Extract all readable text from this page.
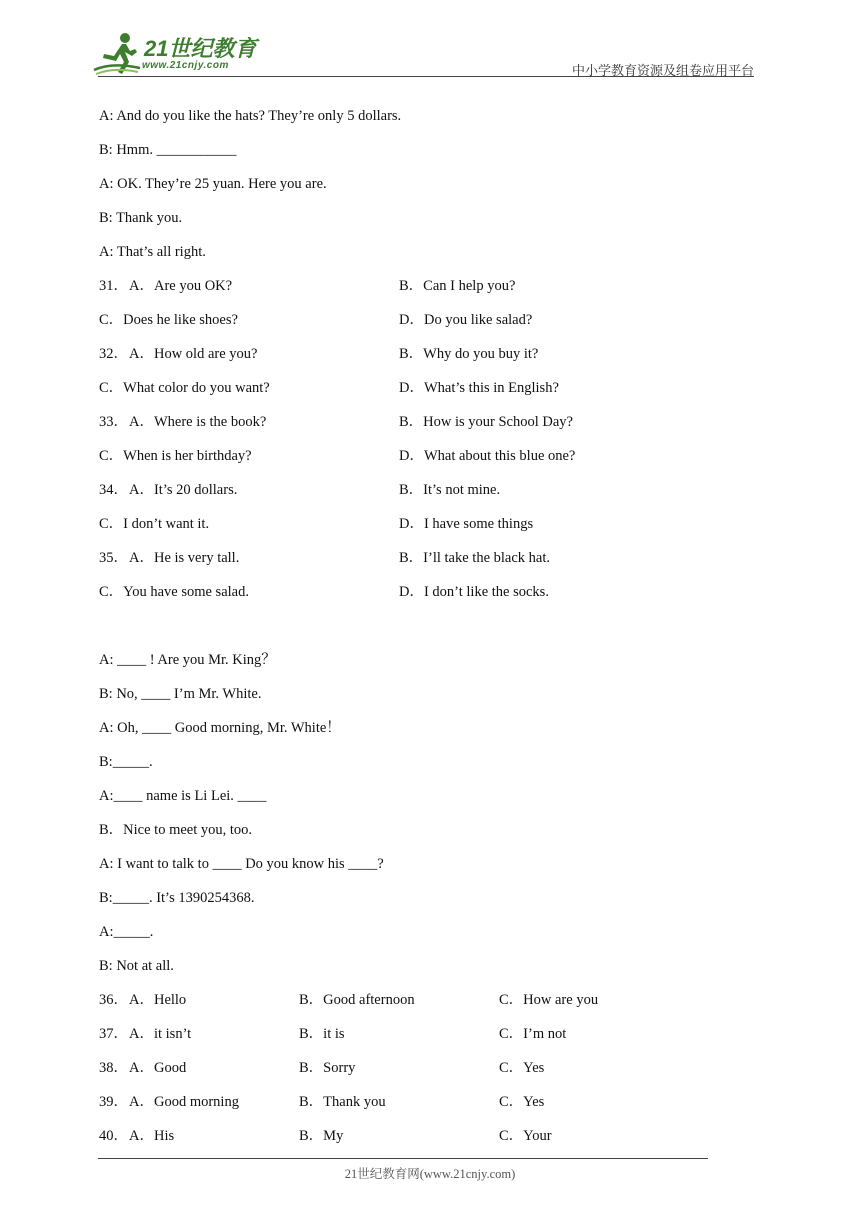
21世纪教育
www.21cnjy.com	中小学教育资源及组卷应用平台
A: And do you like the hats? They’re only 5 dollars.
B: Hmm. ___________
A: OK. They’re 25 yuan. Here you are.
B: Thank you.
A: That’s all right.
31． A．Are you OK?	B．Can I help you?
C．Does he like shoes?	D．Do you like salad?
32． A．How old are you?	B．Why do you buy it?
C．What color do you want?	D．What’s this in English?
33． A．Where is the book?	B．How is your School Day?
C．When is her birthday?	D．What about this blue one?
34． A．It’s 20 dollars.	B．It’s not mine.
C．I don’t want it.	D．I have some things
35． A．He is very tall.	B．I’ll take the black hat.
C．You have some salad.	D．I don’t like the socks.
A: ____ ! Are you Mr. King？
B: No, ____ I’m Mr. White.
A: Oh, ____ Good morning, Mr. White！
B:_____.
A:____ name is Li Lei. ____
B．Nice to meet you, too.
A: I want to talk to ____ Do you know his ____?
B:_____. It’s 1390254368.
A:_____.
B: Not at all.
36． A．Hello	B．Good afternoon	C．How are you
37． A．it isn’t	B．it is	C．I’m not
38． A．Good	B．Sorry	C．Yes
39． A．Good morning	B．Thank you	C．Yes
40． A．His	B．My	C．Your
21世纪教育网(www.21cnjy.com)
